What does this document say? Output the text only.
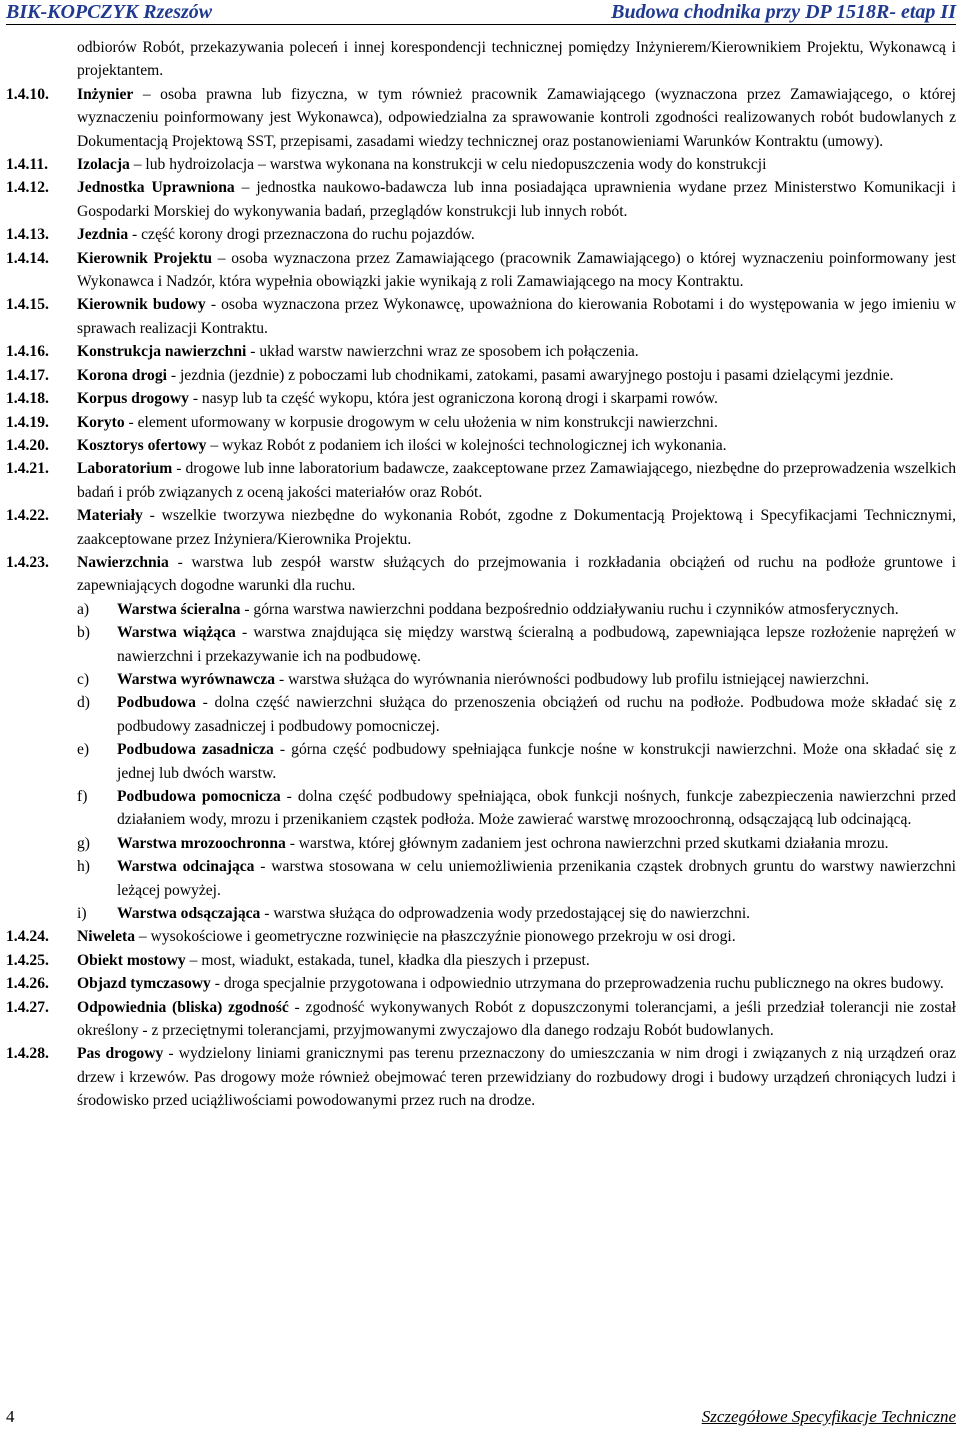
BIK-KOPCZYK Rzeszów	Budowa chodnika przy DP 1518R- etap II
odbiorów Robót, przekazywania poleceń i innej korespondencji technicznej pomiędzy Inżynierem/Kierownikiem Projektu, Wykonawcą i projektantem.
1.4.10. Inżynier – osoba prawna lub fizyczna, w tym również pracownik Zamawiającego (wyznaczona przez Zamawiającego, o której wyznaczeniu poinformowany jest Wykonawca), odpowiedzialna za sprawowanie kontroli zgodności realizowanych robót budowlanych z Dokumentacją Projektową SST, przepisami, zasadami wiedzy technicznej oraz postanowieniami Warunków Kontraktu (umowy).
1.4.11. Izolacja – lub hydroizolacja – warstwa wykonana na konstrukcji w celu niedopuszczenia wody do konstrukcji
1.4.12. Jednostka Uprawniona – jednostka naukowo-badawcza lub inna posiadająca uprawnienia wydane przez Ministerstwo Komunikacji i Gospodarki Morskiej do wykonywania badań, przeglądów konstrukcji lub innych robót.
1.4.13. Jezdnia - część korony drogi przeznaczona do ruchu pojazdów.
1.4.14. Kierownik Projektu – osoba wyznaczona przez Zamawiającego (pracownik Zamawiającego) o której wyznaczeniu poinformowany jest Wykonawca i Nadzór, która wypełnia obowiązki jakie wynikają z roli Zamawiającego na mocy Kontraktu.
1.4.15. Kierownik budowy - osoba wyznaczona przez Wykonawcę, upoważniona do kierowania Robotami i do występowania w jego imieniu w sprawach realizacji Kontraktu.
1.4.16. Konstrukcja nawierzchni - układ warstw nawierzchni wraz ze sposobem ich połączenia.
1.4.17. Korona drogi - jezdnia (jezdnie) z poboczami lub chodnikami, zatokami, pasami awaryjnego postoju i pasami dzielącymi jezdnie.
1.4.18. Korpus drogowy - nasyp lub ta część wykopu, która jest ograniczona koroną drogi i skarpami rowów.
1.4.19. Koryto - element uformowany w korpusie drogowym w celu ułożenia w nim konstrukcji nawierzchni.
1.4.20. Kosztorys ofertowy – wykaz Robót z podaniem ich ilości w kolejności technologicznej ich wykonania.
1.4.21. Laboratorium - drogowe lub inne laboratorium badawcze, zaakceptowane przez Zamawiającego, niezbędne do przeprowadzenia wszelkich badań i prób związanych z oceną jakości materiałów oraz Robót.
1.4.22. Materiały - wszelkie tworzywa niezbędne do wykonania Robót, zgodne z Dokumentacją Projektową i Specyfikacjami Technicznymi, zaakceptowane przez Inżyniera/Kierownika Projektu.
1.4.23. Nawierzchnia - warstwa lub zespół warstw służących do przejmowania i rozkładania obciążeń od ruchu na podłoże gruntowe i zapewniających dogodne warunki dla ruchu.
a) Warstwa ścieralna - górna warstwa nawierzchni poddana bezpośrednio oddziaływaniu ruchu i czynników atmosferycznych.
b) Warstwa wiążąca - warstwa znajdująca się między warstwą ścieralną a podbudową, zapewniająca lepsze rozłożenie naprężeń w nawierzchni i przekazywanie ich na podbudowę.
c) Warstwa wyrównawcza - warstwa służąca do wyrównania nierówności podbudowy lub profilu istniejącej nawierzchni.
d) Podbudowa - dolna część nawierzchni służąca do przenoszenia obciążeń od ruchu na podłoże. Podbudowa może składać się z podbudowy zasadniczej i podbudowy pomocniczej.
e) Podbudowa zasadnicza - górna część podbudowy spełniająca funkcje nośne w konstrukcji nawierzchni. Może ona składać się z jednej lub dwóch warstw.
f) Podbudowa pomocnicza - dolna część podbudowy spełniająca, obok funkcji nośnych, funkcje zabezpieczenia nawierzchni przed działaniem wody, mrozu i przenikaniem cząstek podłoża. Może zawierać warstwę mrozoochronną, odsączającą lub odcinającą.
g) Warstwa mrozoochronna - warstwa, której głównym zadaniem jest ochrona nawierzchni przed skutkami działania mrozu.
h) Warstwa odcinająca - warstwa stosowana w celu uniemożliwienia przenikania cząstek drobnych gruntu do warstwy nawierzchni leżącej powyżej.
i) Warstwa odsączająca - warstwa służąca do odprowadzenia wody przedostającej się do nawierzchni.
1.4.24. Niweleta – wysokościowe i geometryczne rozwinięcie na płaszczyźnie pionowego przekroju w osi drogi.
1.4.25. Obiekt mostowy – most, wiadukt, estakada, tunel, kładka dla pieszych i przepust.
1.4.26. Objazd tymczasowy - droga specjalnie przygotowana i odpowiednio utrzymana do przeprowadzenia ruchu publicznego na okres budowy.
1.4.27. Odpowiednia (bliska) zgodność - zgodność wykonywanych Robót z dopuszczonymi tolerancjami, a jeśli przedział tolerancji nie został określony - z przeciętnymi tolerancjami, przyjmowanymi zwyczajowo dla danego rodzaju Robót budowlanych.
1.4.28. Pas drogowy - wydzielony liniami granicznymi pas terenu przeznaczony do umieszczania w nim drogi i związanych z nią urządzeń oraz drzew i krzewów. Pas drogowy może również obejmować teren przewidziany do rozbudowy drogi i budowy urządzeń chroniących ludzi i środowisko przed uciążliwościami powodowanymi przez ruch na drodze.
4	Szczegółowe Specyfikacje Techniczne
